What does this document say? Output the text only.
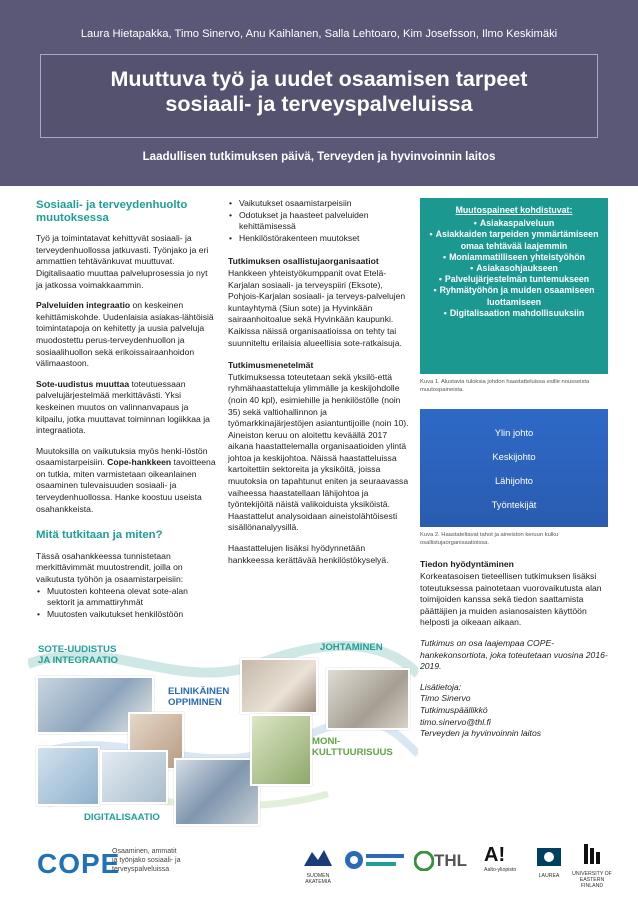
Laura Hietapakka, Timo Sinervo, Anu Kaihlanen, Salla Lehtoaro, Kim Josefsson, Ilmo Keskimäki
Muuttuva työ ja uudet osaamisen tarpeet
sosiaali- ja terveyspalveluissa
Laadullisen tutkimuksen päivä, Terveyden ja hyvinvoinnin laitos
Sosiaali- ja terveydenhuolto
muutoksessa

Työ ja toimintatavat kehittyvät sosiaali- ja terveydenhuollossa jatkuvasti. Työnjako ja eri ammattien tehtävänkuvat muuttuvat. Digitalisaatio muuttaa palveluprosessia jo nyt ja jatkossa voimakkaammin.

Palveluiden integraatio on keskeinen kehittämiskohde. Uudenlaisia asiakas-lähtöisiä toimintatapoja on kehitetty ja uusia palveluja muodostettu perus-terveydenhuollon ja sosiaalihuollon sekä erikoissairaanhoidon välimaastoon.

Sote-uudistus muuttaa toteutuessaan palvelujärjestelmää merkittävästi. Yksi keskeinen muutos on valinnanvapaus ja kilpailu, jotka muuttavat toiminnan logiikkaa ja integraatiota.

Muutoksilla on vaikutuksia myös henki-löstön osaamistarpeisiin. Cope-hankkeen tavoitteena on tutkia, miten varmistetaan oikeanlainen osaaminen tulevaisuuden sosiaali- ja terveydenhuollossa. Hanke koostuu useista osahankkeista.

Mitä tutkitaan ja miten?

Tässä osahankkeessa tunnistetaan merkittävimmät muutostrendit, joilla on vaikutusta työhön ja osaamistarpeisiin:

• Muutosten kohteena olevat sote-alan sektorit ja ammattiryhmät
• Muutosten vaikutukset henkilöstöön
• Vaikutukset osaamistarpeisiin
• Odotukset ja haasteet palveluiden kehittämisessä
• Henkilöstörakenteen muutokset

Tutkimuksen osallistujaorganisaatiot

Hankkeen yhteistyökumppanit ovat Etelä-Karjalan sosiaali- ja terveyspiiri (Eksote), Pohjois-Karjalan sosiaali- ja terveys-palvelujen kuntayhtymä (Siun sote) ja Hyvinkään sairaanhoitoalue sekä Hyvinkään kaupunki. Kaikissa näissä organisaatioissa on tehty tai suunniteltu erilaisia alueellisia sote-ratkaisuja.

Tutkimusmenetelmät

Tutkimuksessa toteutetaan sekä yksilö-että ryhmähaastatteluja ylimmälle ja keskijohdolle (noin 40 kpl), esimiehille ja henkilöstölle (noin 35) sekä valtiohallinnon ja työmarkkinajärjestöjen asiantuntijoille (noin 10). Aineiston keruu on aloitettu keväällä 2017 aikana haastattelemalla organisaatioiden ylintä johtoa ja keskijohtoa. Näissä haastatteluissa kartoitettiin sektoreita ja yksiköitä, joissa muutoksia on tapahtunut eniten ja seuraavassa vaiheessa haastatellaan lähijohtoa ja työntekijöitä näistä valikoiduista yksiköistä. Haastattelut analysoidaan aineistolähtöisesti sisällönanalyysillä.

Haastattelujen lisäksi hyödynnetään hankkeessa kerättävää henkilöstökyselyä.

Muutospaineet kohdistuvat:
• Asiakaspalveluun
• Asiakkaiden tarpeiden ymmärtämiseen omaa tehtävää laajemmin
• Moniammatilliseen yhteistyöhön
• Asiakasohjaukseen
• Palvelujärjestelmän tuntemukseen
• Ryhmätyöhön ja muiden osaamiseen luottamiseen
• Digitalisaation mahdollisuuksiin
Kuva 1. Alustavia tuloksia johdon haastatteluissa esille nousseista muutospaineista.
Ylin johto
Keskijohto
Lähijohto
Työntekijät
Kuva 2. Haastateltavat tahot ja aineiston keruun kulku osallistujaorganisaatioissa.

Tiedon hyödyntäminen

Korkeatasoisen tieteellisen tutkimuksen lisäksi toteutuksessa painotetaan vuorovaikutusta alan toimijoiden kanssa sekä tiedon saattamista päättäjien ja muiden asianosaisten käyttöön helposti ja oikeaan aikaan.

Tutkimus on osa laajempaa COPE-hankekonsortiota, joka toteutetaan vuosina 2016-2019.

Lisätietoja:
Timo Sinervo
Tutkimuspäällikkö
timo.sinervo@thl.fi
Terveyden ja hyvinvoinnin laitos

SOTE-UUDISTUS
JA INTEGRAATIO
ELINIKÄINEN
OPPIMINEN
JOHTAMINEN
MONI-
KULTTUURISUUS
DIGITALISAATIO
COPE
Osaaminen, ammatit
ja työnjako sosiaali- ja
terveyspalveluissa
SUOMEN AKATEMIA
THL A!
Aalto-yliopisto
LAUREA	UNIVERSITY OF EASTERN FINLAND
